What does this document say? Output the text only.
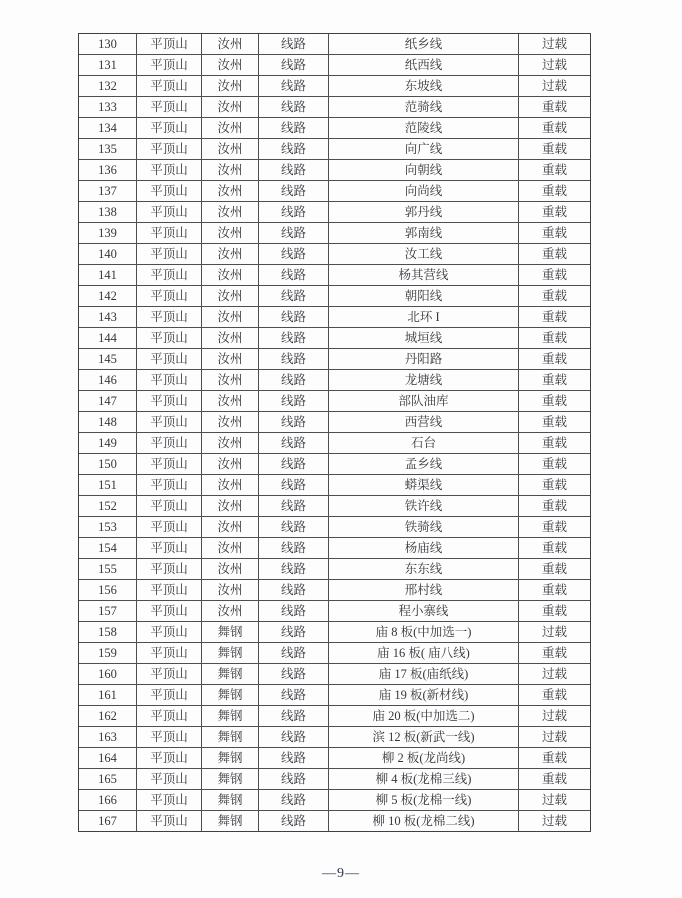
130	平顶山	汝州	线路	纸乡线	过载
131	平顶山	汝州	线路	纸西线	过载
132	平顶山	汝州	线路	东坡线	过载
133	平顶山	汝州	线路	范骑线	重载
134	平顶山	汝州	线路	范陵线	重载
135	平顶山	汝州	线路	向广线	重载
136	平顶山	汝州	线路	向朝线	重载
137	平顶山	汝州	线路	向尚线	重载
138	平顶山	汝州	线路	郭丹线	重载
139	平顶山	汝州	线路	郭南线	重载
140	平顶山	汝州	线路	汝工线	重载
141	平顶山	汝州	线路	杨其营线	重载
142	平顶山	汝州	线路	朝阳线	重载
143	平顶山	汝州	线路	北环 I	重载
144	平顶山	汝州	线路	城垣线	重载
145	平顶山	汝州	线路	丹阳路	重载
146	平顶山	汝州	线路	龙塘线	重载
147	平顶山	汝州	线路	部队油库	重载
148	平顶山	汝州	线路	西营线	重载
149	平顶山	汝州	线路	石台	重载
150	平顶山	汝州	线路	孟乡线	重载
151	平顶山	汝州	线路	蟒渠线	重载
152	平顶山	汝州	线路	铁许线	重载
153	平顶山	汝州	线路	铁骑线	重载
154	平顶山	汝州	线路	杨庙线	重载
155	平顶山	汝州	线路	东东线	重载
156	平顶山	汝州	线路	邢村线	重载
157	平顶山	汝州	线路	程小寨线	重载
158	平顶山	舞钢	线路	庙 8 板(中加选一)	过载
159	平顶山	舞钢	线路	庙 16 板( 庙八线)	重载
160	平顶山	舞钢	线路	庙 17 板(庙纸线)	过载
161	平顶山	舞钢	线路	庙 19 板(新材线)	重载
162	平顶山	舞钢	线路	庙 20 板(中加选二)	过载
163	平顶山	舞钢	线路	滨 12 板(新武一线)	过载
164	平顶山	舞钢	线路	柳 2 板(龙尚线)	重载
165	平顶山	舞钢	线路	柳 4 板(龙棉三线)	重载
166	平顶山	舞钢	线路	柳 5 板(龙棉一线)	过载
167	平顶山	舞钢	线路	柳 10 板(龙棉二线)	过载
—9—
